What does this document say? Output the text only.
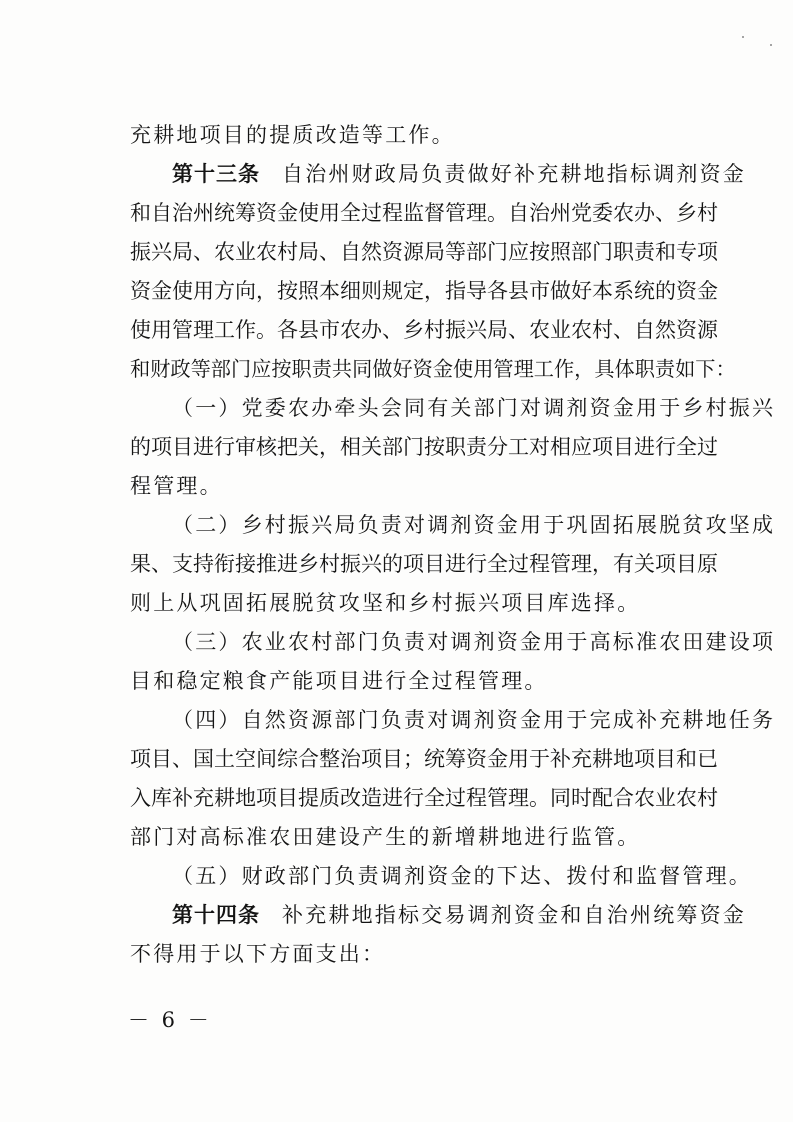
充耕地项目的提质改造等工作。
第十三条 自治州财政局负责做好补充耕地指标调剂资金
和自治州统筹资金使用全过程监督管理。自治州党委农办、乡村
振兴局、农业农村局、自然资源局等部门应按照部门职责和专项
资金使用方向，按照本细则规定，指导各县市做好本系统的资金
使用管理工作。各县市农办、乡村振兴局、农业农村、自然资源
和财政等部门应按职责共同做好资金使用管理工作，具体职责如下：
（一）党委农办牵头会同有关部门对调剂资金用于乡村振兴
的项目进行审核把关，相关部门按职责分工对相应项目进行全过
程管理。
（二）乡村振兴局负责对调剂资金用于巩固拓展脱贫攻坚成
果、支持衔接推进乡村振兴的项目进行全过程管理，有关项目原
则上从巩固拓展脱贫攻坚和乡村振兴项目库选择。
（三）农业农村部门负责对调剂资金用于高标准农田建设项
目和稳定粮食产能项目进行全过程管理。
（四）自然资源部门负责对调剂资金用于完成补充耕地任务
项目、国土空间综合整治项目；统筹资金用于补充耕地项目和已
入库补充耕地项目提质改造进行全过程管理。同时配合农业农村
部门对高标准农田建设产生的新增耕地进行监管。
（五）财政部门负责调剂资金的下达、拨付和监督管理。
第十四条 补充耕地指标交易调剂资金和自治州统筹资金
不得用于以下方面支出：
－ 6 －
